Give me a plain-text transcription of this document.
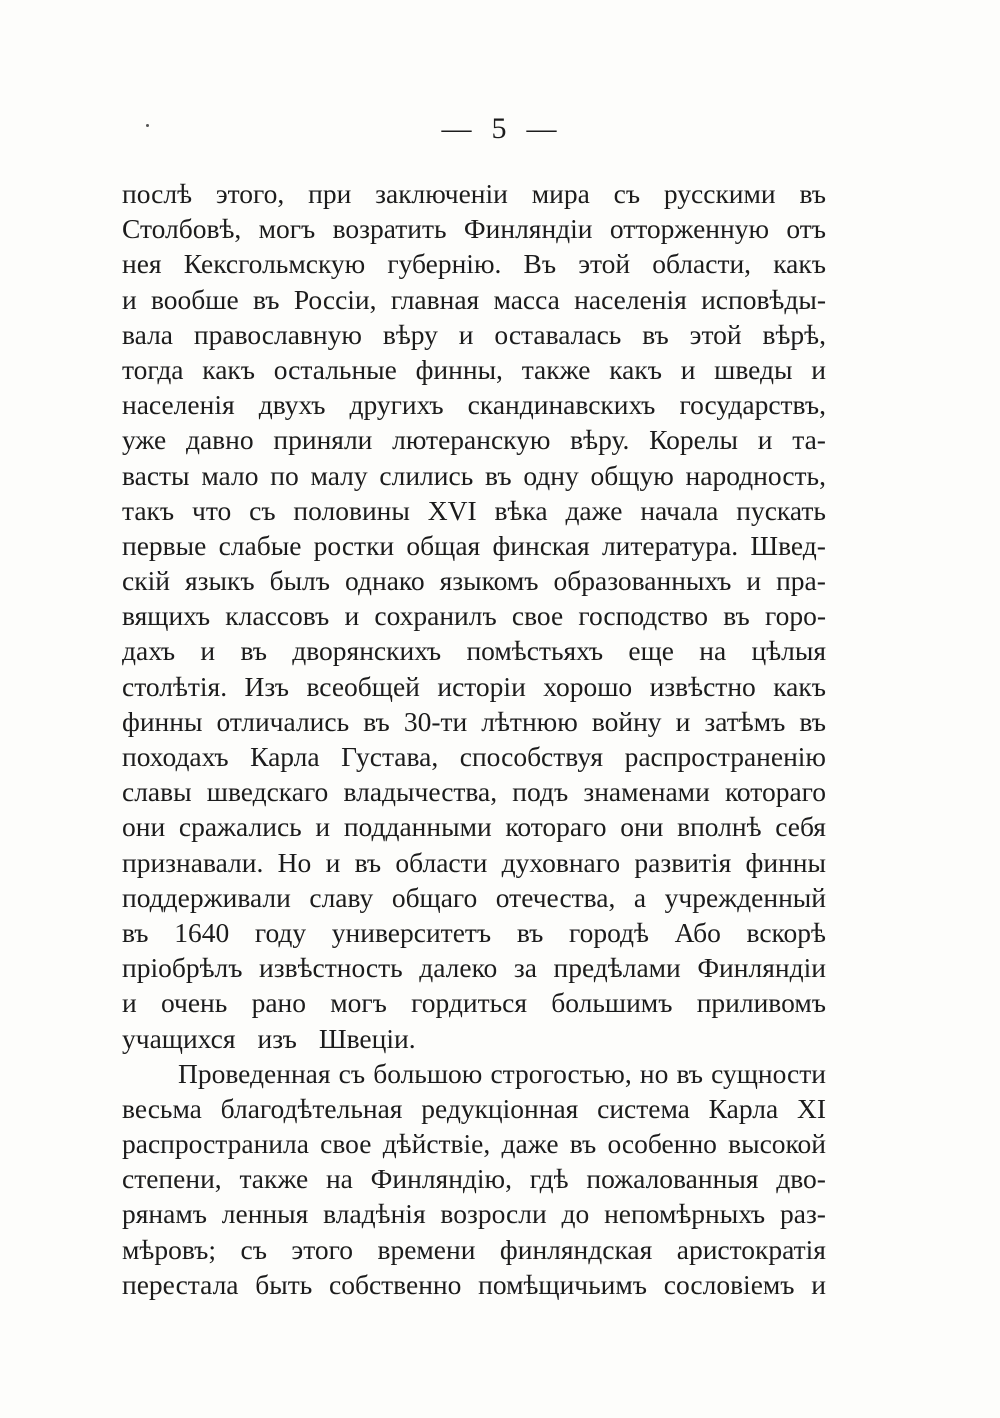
— 5 —
послѣ этого, при заключеніи мира съ русскими въ
Столбовѣ, могъ возратить Финляндіи отторженную отъ
нея Кексгольмскую губернію. Въ этой области, какъ
и вообше въ Россіи, главная масса населенія исповѣды-
вала православную вѣру и оставалась въ этой вѣрѣ,
тогда какъ остальные финны, также какъ и шведы и
населенія двухъ другихъ скандинавскихъ государствъ,
уже давно приняли лютеранскую вѣру. Корелы и та-
васты мало по малу слились въ одну общую народность,
такъ что съ половины XVI вѣка даже начала пускать
первые слабые ростки общая финская литература. Швед-
скій языкъ былъ однако языкомъ образованныхъ и пра-
вящихъ классовъ и сохранилъ свое господство въ горо-
дахъ и въ дворянскихъ помѣстьяхъ еще на цѣлыя
столѣтія. Изъ всеобщей исторіи хорошо извѣстно какъ
финны отличались въ 30-ти лѣтнюю войну и затѣмъ въ
походахъ Карла Густава, способствуя распространенію
славы шведскаго владычества, подъ знаменами котораго
они сражались и подданными котораго они вполнѣ себя
признавали. Но и въ области духовнаго развитія финны
поддерживали славу общаго отечества, а учрежденный
въ 1640 году университетъ въ городѣ Або вскорѣ
пріобрѣлъ извѣстность далеко за предѣлами Финляндіи
и очень рано могъ гордиться большимъ приливомъ
учащихся изъ Швеціи.
Проведенная съ большою строгостью, но въ сущности
весьма благодѣтельная редукціонная система Карла XI
распространила свое дѣйствіе, даже въ особенно высокой
степени, также на Финляндію, гдѣ пожалованныя дво-
рянамъ ленныя владѣнія возросли до непомѣрныхъ раз-
мѣровъ; съ этого времени финляндская аристократія
перестала быть собственно помѣщичьимъ сословіемъ и
